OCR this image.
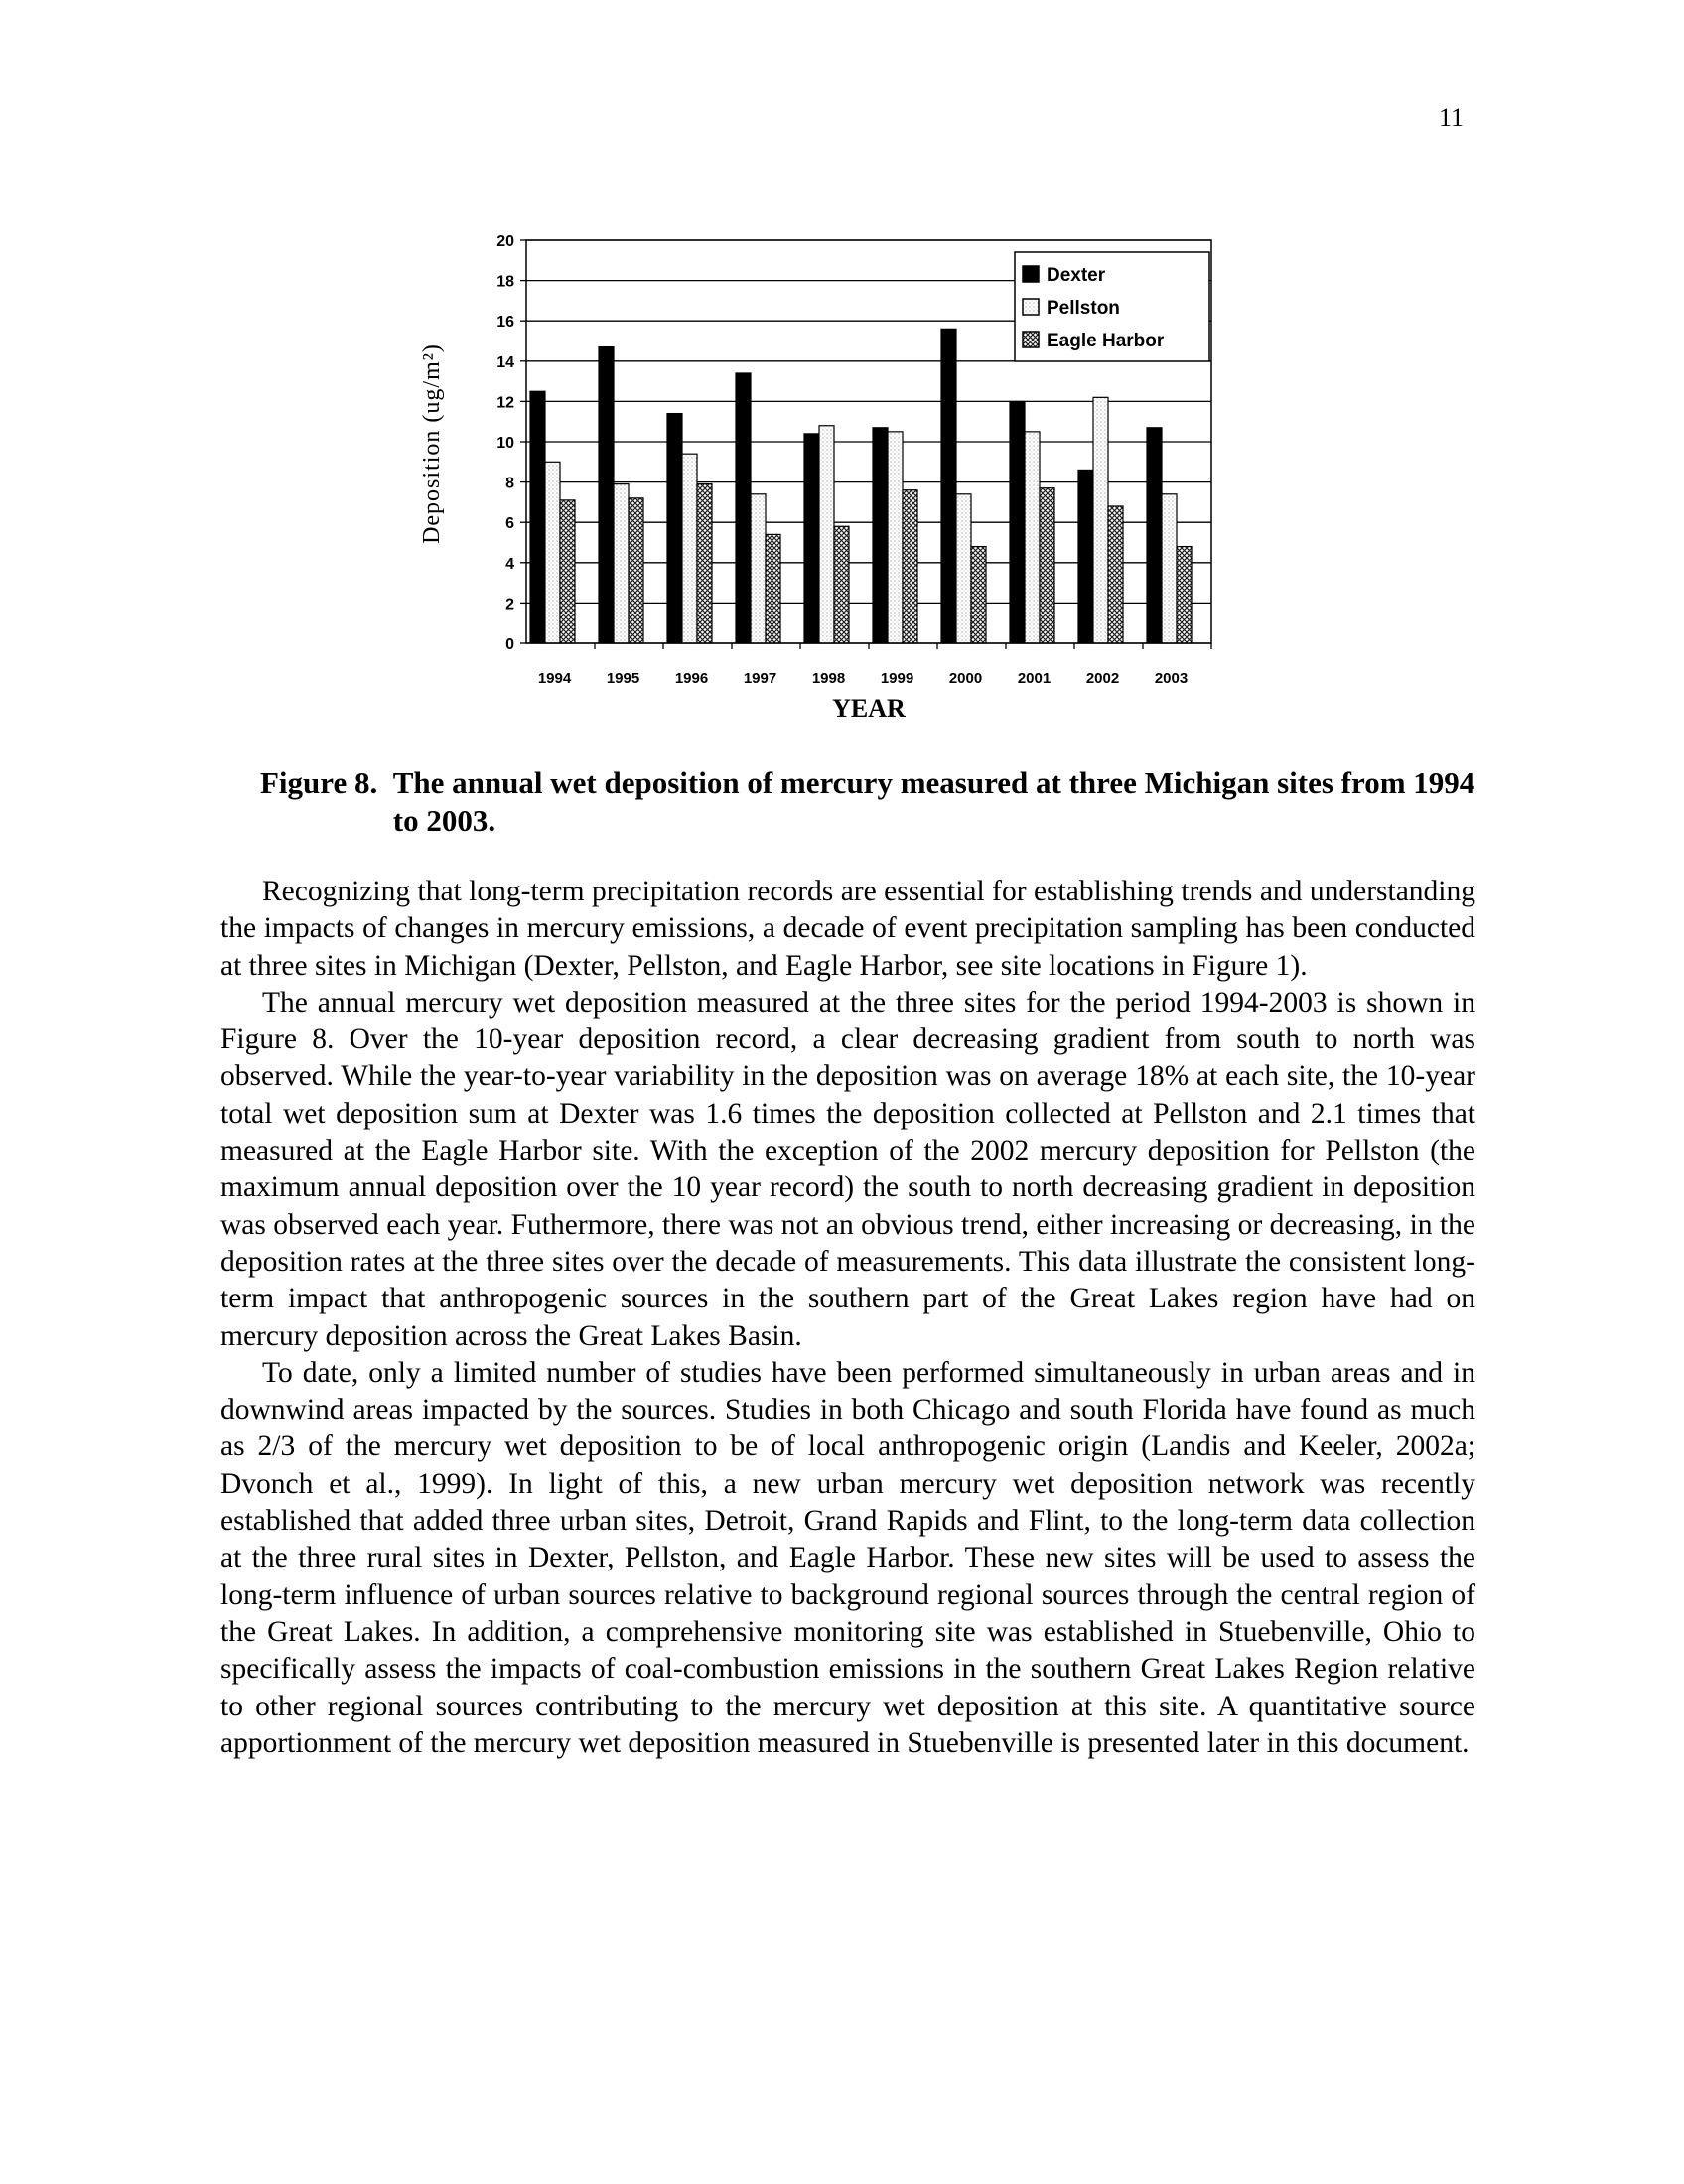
11
0
2
4
6
8
10
12
14
16
18
20
1994 1995 1996 1997 1998 1999 2000 2001 2002 2003
Dexter
Pellston
Eagle Harbor
Deposition (ug/m²)
YEAR
Figure 8.
The annual wet deposition of mercury measured at three Michigan sites from 1994 to 2003.

Recognizing that long-term precipitation records are essential for establishing trends and understanding the impacts of changes in mercury emissions, a decade of event precipitation sampling has been conducted at three sites in Michigan (Dexter, Pellston, and Eagle Harbor, see site locations in Figure 1).

The annual mercury wet deposition measured at the three sites for the period 1994-2003 is shown in Figure 8. Over the 10-year deposition record, a clear decreasing gradient from south to north was observed. While the year-to-year variability in the deposition was on average 18% at each site, the 10-year total wet deposition sum at Dexter was 1.6 times the deposition collected at Pellston and 2.1 times that measured at the Eagle Harbor site. With the exception of the 2002 mercury deposition for Pellston (the maximum annual deposition over the 10 year record) the south to north decreasing gradient in deposition was observed each year. Futhermore, there was not an obvious trend, either increasing or decreasing, in the deposition rates at the three sites over the decade of measurements. This data illustrate the consistent long-term impact that anthropogenic sources in the southern part of the Great Lakes region have had on mercury deposition across the Great Lakes Basin.

To date, only a limited number of studies have been performed simultaneously in urban areas and in downwind areas impacted by the sources. Studies in both Chicago and south Florida have found as much as 2/3 of the mercury wet deposition to be of local anthropogenic origin (Landis and Keeler, 2002a; Dvonch et al., 1999). In light of this, a new urban mercury wet deposition network was recently established that added three urban sites, Detroit, Grand Rapids and Flint, to the long-term data collection at the three rural sites in Dexter, Pellston, and Eagle Harbor. These new sites will be used to assess the long-term influence of urban sources relative to background regional sources through the central region of the Great Lakes. In addition, a comprehensive monitoring site was established in Stuebenville, Ohio to specifically assess the impacts of coal-combustion emissions in the southern Great Lakes Region relative to other regional sources contributing to the mercury wet deposition at this site. A quantitative source apportionment of the mercury wet deposition measured in Stuebenville is presented later in this document.
